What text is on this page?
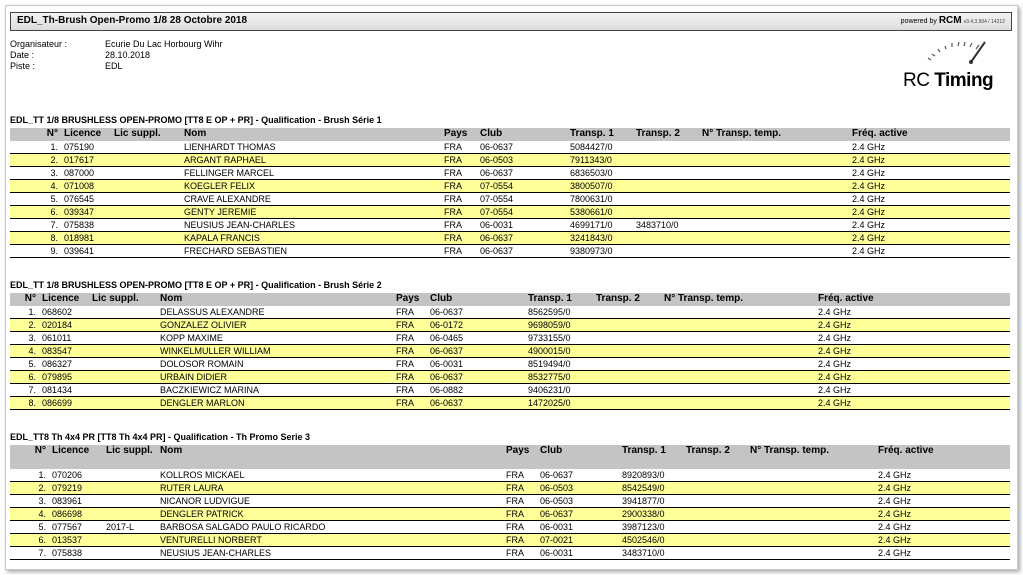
EDL_Th-Brush Open-Promo 1/8 28 Octobre 2018	powered by RCM v3.4.3.504 / 14212
Organisateur :	Ecurie Du Lac Horbourg Wihr
Date :	28.10.2018
Piste :	EDL
RC Timing
EDL_TT 1/8 BRUSHLESS OPEN-PROMO [TT8 E OP + PR] - Qualification - Brush Série 1
N°	Licence	Lic suppl.	Nom	Pays	Club	Transp. 1	Transp. 2	N° Transp. temp.	Fréq. active
1.	075190		LIENHARDT THOMAS	FRA	06-0637	5084427/0			2.4 GHz
2.	017617		ARGANT RAPHAEL	FRA	06-0503	7911343/0			2.4 GHz
3.	087000		FELLINGER MARCEL	FRA	06-0637	6836503/0			2.4 GHz
4.	071008		KOEGLER FELIX	FRA	07-0554	3800507/0			2.4 GHz
5.	076545		CRAVE ALEXANDRE	FRA	07-0554	7800631/0			2.4 GHz
6.	039347		GENTY JEREMIE	FRA	07-0554	5380661/0			2.4 GHz
7.	075838		NEUSIUS JEAN-CHARLES	FRA	06-0031	4699171/0	3483710/0		2.4 GHz
8.	018981		KAPALA FRANCIS	FRA	06-0637	3241843/0			2.4 GHz
9.	039641		FRECHARD SEBASTIEN	FRA	06-0637	9380973/0			2.4 GHz
EDL_TT 1/8 BRUSHLESS OPEN-PROMO [TT8 E OP + PR] - Qualification - Brush Série 2
N°	Licence	Lic suppl.	Nom	Pays	Club	Transp. 1	Transp. 2	N° Transp. temp.	Fréq. active
1.	068602		DELASSUS ALEXANDRE	FRA	06-0637	8562595/0			2.4 GHz
2.	020184		GONZALEZ OLIVIER	FRA	06-0172	9698059/0			2.4 GHz
3.	061011		KOPP MAXIME	FRA	06-0465	9733155/0			2.4 GHz
4.	083547		WINKELMULLER WILLIAM	FRA	06-0637	4900015/0			2.4 GHz
5.	086327		DOLOSOR ROMAIN	FRA	06-0031	8519494/0			2.4 GHz
6.	079895		URBAIN DIDIER	FRA	06-0637	8532775/0			2.4 GHz
7.	081434		BACZKIEWICZ MARINA	FRA	06-0882	9406231/0			2.4 GHz
8.	086699		DENGLER MARLON	FRA	06-0637	1472025/0			2.4 GHz
EDL_TT8 Th 4x4 PR [TT8 Th 4x4 PR] - Qualification - Th Promo Serie 3
N°	Licence	Lic suppl.	Nom	Pays	Club	Transp. 1	Transp. 2	N° Transp. temp.	Fréq. active
1.	070206		KOLLROS MICKAEL	FRA	06-0637	8920893/0			2.4 GHz
2.	079219		RUTER LAURA	FRA	06-0503	8542549/0			2.4 GHz
3.	083961		NICANOR LUDVIGUE	FRA	06-0503	3941877/0			2.4 GHz
4.	086698		DENGLER PATRICK	FRA	06-0637	2900338/0			2.4 GHz
5.	077567	2017-L	BARBOSA SALGADO PAULO RICARDO	FRA	06-0031	3987123/0			2.4 GHz
6.	013537		VENTURELLI NORBERT	FRA	07-0021	4502546/0			2.4 GHz
7.	075838		NEUSIUS JEAN-CHARLES	FRA	06-0031	3483710/0			2.4 GHz
